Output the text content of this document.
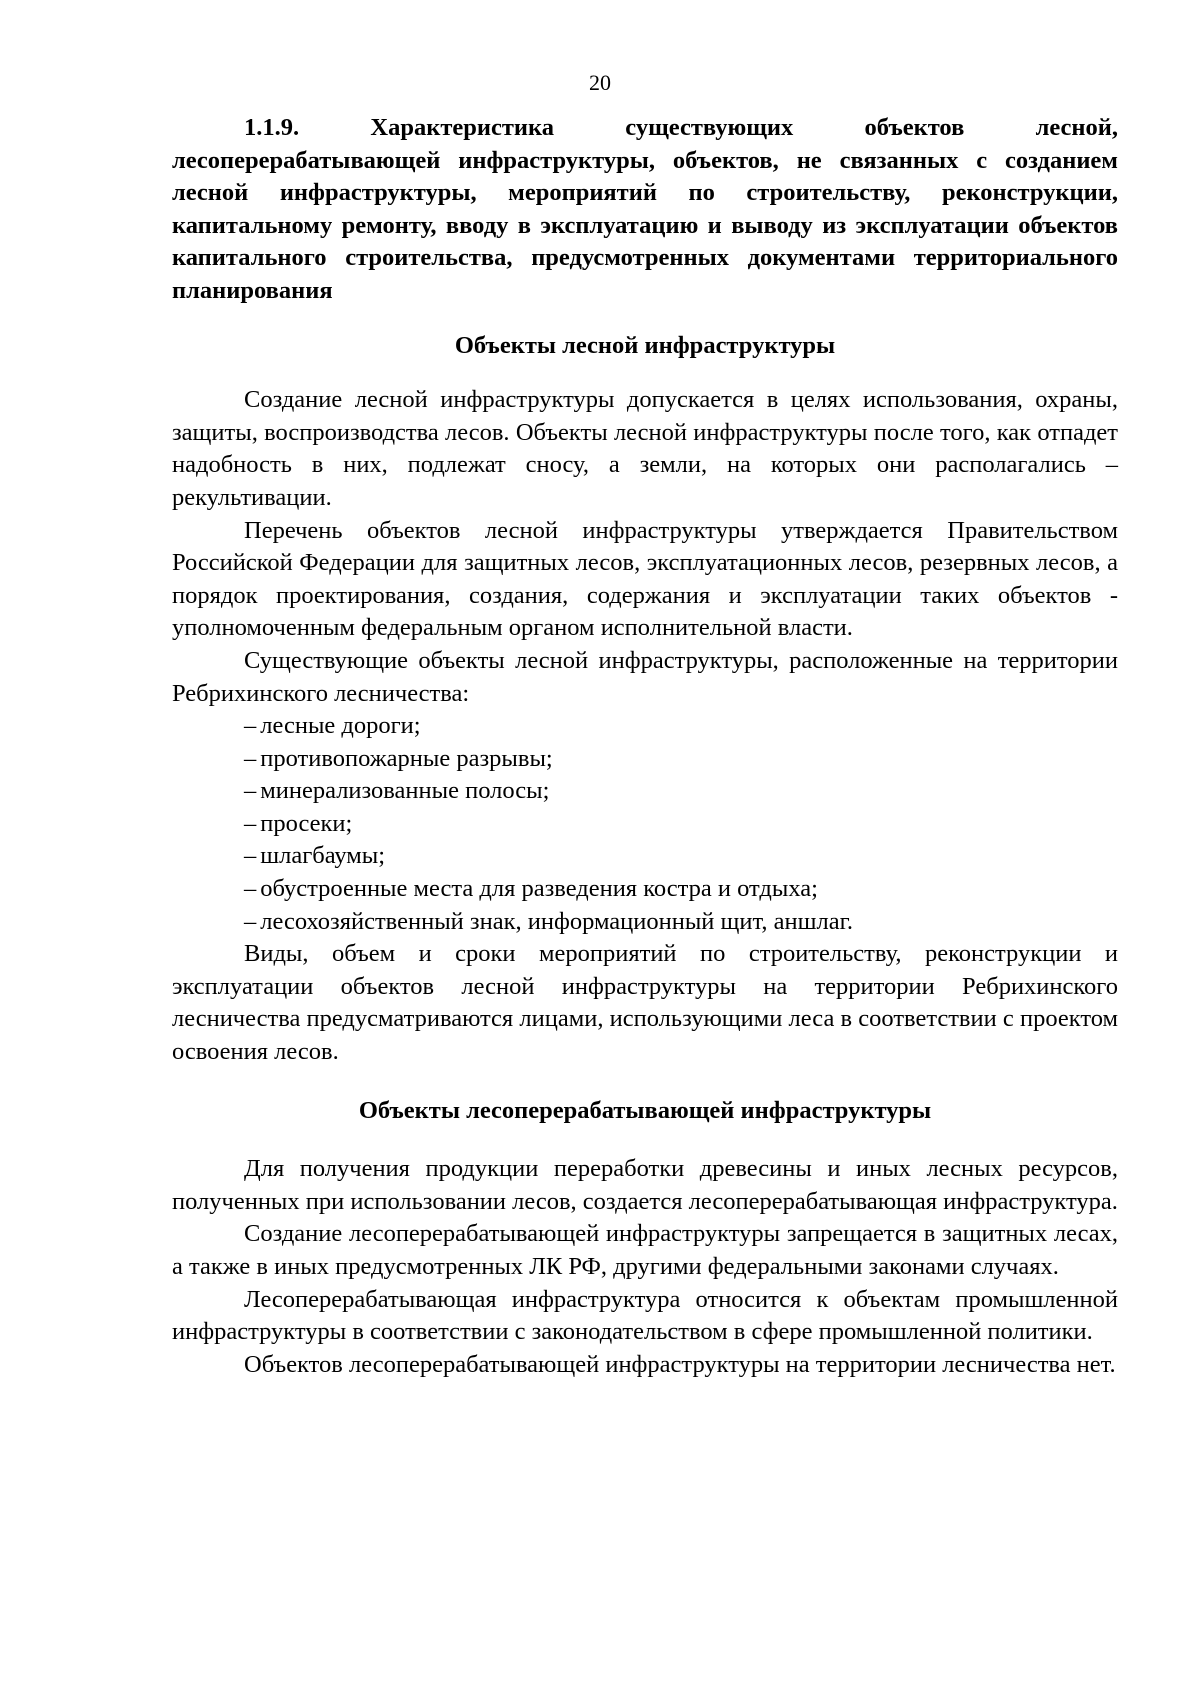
20

1.1.9. Характеристика существующих объектов лесной, лесоперерабатывающей инфраструктуры, объектов, не связанных с созданием лесной инфраструктуры, мероприятий по строительству, реконструкции, капитальному ремонту, вводу в эксплуатацию и выводу из эксплуатации объектов капитального строительства, предусмотренных документами территориального планирования

Объекты лесной инфраструктуры

Создание лесной инфраструктуры допускается в целях использования, охраны, защиты, воспроизводства лесов. Объекты лесной инфраструктуры после того, как отпадет надобность в них, подлежат сносу, а земли, на которых они располагались – рекультивации.

Перечень объектов лесной инфраструктуры утверждается Правительством Российской Федерации для защитных лесов, эксплуатационных лесов, резервных лесов, а порядок проектирования, создания, содержания и эксплуатации таких объектов - уполномоченным федеральным органом исполнительной власти.

Существующие объекты лесной инфраструктуры, расположенные на территории Ребрихинского лесничества:

– лесные дороги;
– противопожарные разрывы;
– минерализованные полосы;
– просеки;
– шлагбаумы;
– обустроенные места для разведения костра и отдыха;
– лесохозяйственный знак, информационный щит, аншлаг.

Виды, объем и сроки мероприятий по строительству, реконструкции и эксплуатации объектов лесной инфраструктуры на территории Ребрихинского лесничества предусматриваются лицами, использующими леса в соответствии с проектом освоения лесов.

Объекты лесоперерабатывающей инфраструктуры

Для получения продукции переработки древесины и иных лесных ресурсов, полученных при использовании лесов, создается лесоперерабатывающая инфраструктура.

Создание лесоперерабатывающей инфраструктуры запрещается в защитных лесах, а также в иных предусмотренных ЛК РФ, другими федеральными законами случаях.

Лесоперерабатывающая инфраструктура относится к объектам промышленной инфраструктуры в соответствии с законодательством в сфере промышленной политики.

Объектов лесоперерабатывающей инфраструктуры на территории лесничества нет.
